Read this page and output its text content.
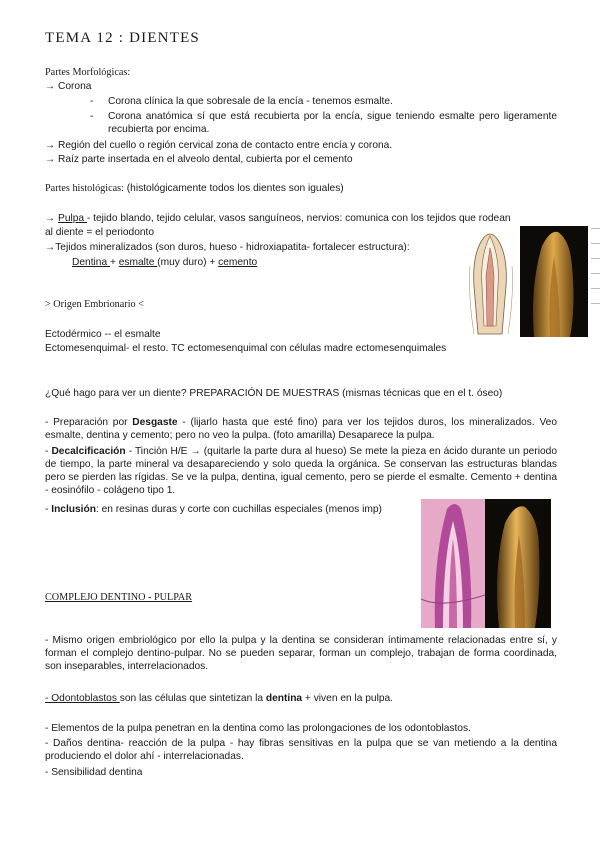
TEMA 12 : DIENTES
Partes Morfológicas:
→ Corona
- Corona clínica la que sobresale de la encía - tenemos esmalte.
- Corona anatómica sí que está recubierta por la encía, sigue teniendo esmalte pero ligeramente recubierta por encima.
→ Región del cuello o región cervical zona de contacto entre encía y corona.
→ Raíz parte insertada en el alveolo dental, cubierta por el cemento
Partes histológicas: (histológicamente todos los dientes son iguales)
→ Pulpa - tejido blando, tejido celular, vasos sanguíneos, nervios: comunica con los tejidos que rodean
al diente = el periodonto
→Tejidos mineralizados (son duros, hueso - hidroxiapatita- fortalecer estructura):
Dentina + esmalte (muy duro) + cemento
> Origen Embrionario <
Ectodérmico -- el esmalte
Ectomesenquimal- el resto. TC ectomesenquimal con células madre ectomesenquimales
¿Qué hago para ver un diente? PREPARACIÓN DE MUESTRAS (mismas técnicas que en el t. óseo)
- Preparación por Desgaste - (lijarlo hasta que esté fino) para ver los tejidos duros, los mineralizados. Veo esmalte, dentina y cemento; pero no veo la pulpa. (foto amarilla) Desaparece la pulpa.
- Decalcificación - Tinción H/E → (quitarle la parte dura al hueso) Se mete la pieza en ácido durante un periodo de tiempo, la parte mineral va desapareciendo y solo queda la orgánica. Se conservan las estructuras blandas pero se pierden las rígidas. Se ve la pulpa, dentina, igual cemento, pero se pierde el esmalte. Cemento + dentina - eosinófilo - colágeno tipo 1.
- Inclusión: en resinas duras y corte con cuchillas especiales (menos imp)
COMPLEJO DENTINO - PULPAR
- Mismo origen embriológico por ello la pulpa y la dentina se consideran íntimamente relacionadas entre sí, y forman el complejo dentino-pulpar. No se pueden separar, forman un complejo, trabajan de forma coordinada, son inseparables, interrelacionados.
- Odontoblastos son las células que sintetizan la dentina + viven en la pulpa.
- Elementos de la pulpa penetran en la dentina como las prolongaciones de los odontoblastos.
- Daños dentina- reacción de la pulpa - hay fibras sensitivas en la pulpa que se van metiendo a la dentina produciendo el dolor ahí - interrelacionadas.
- Sensibilidad dentina
